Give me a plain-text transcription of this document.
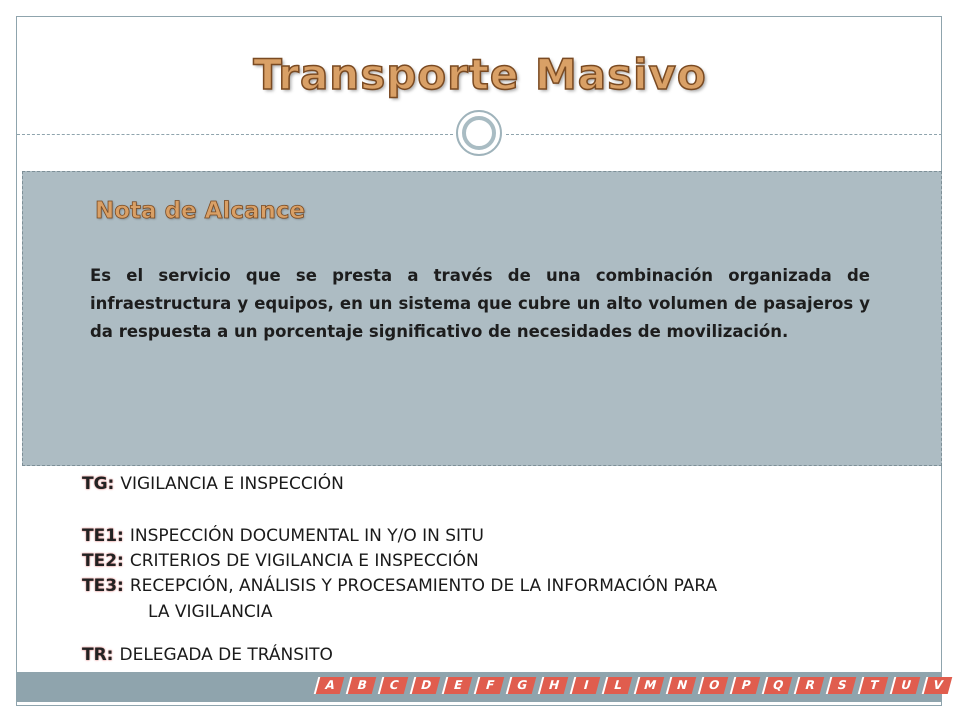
Transporte Masivo
Nota de Alcance
Es el servicio que se presta a través de una combinación organizada de infraestructura y equipos, en un sistema que cubre un alto volumen de pasajeros y da respuesta a un porcentaje significativo de necesidades de movilización.
TG: VIGILANCIA E INSPECCIÓN
TE1: INSPECCIÓN DOCUMENTAL IN Y/O IN SITU
TE2: CRITERIOS DE VIGILANCIA E INSPECCIÓN
TE3: RECEPCIÓN, ANÁLISIS Y PROCESAMIENTO DE LA INFORMACIÓN PARA
LA VIGILANCIA
TR: DELEGADA DE TRÁNSITO
A	B	C	D	E	F	G	H	I	L	M	N	O	P	Q	R	S	T	U	V
